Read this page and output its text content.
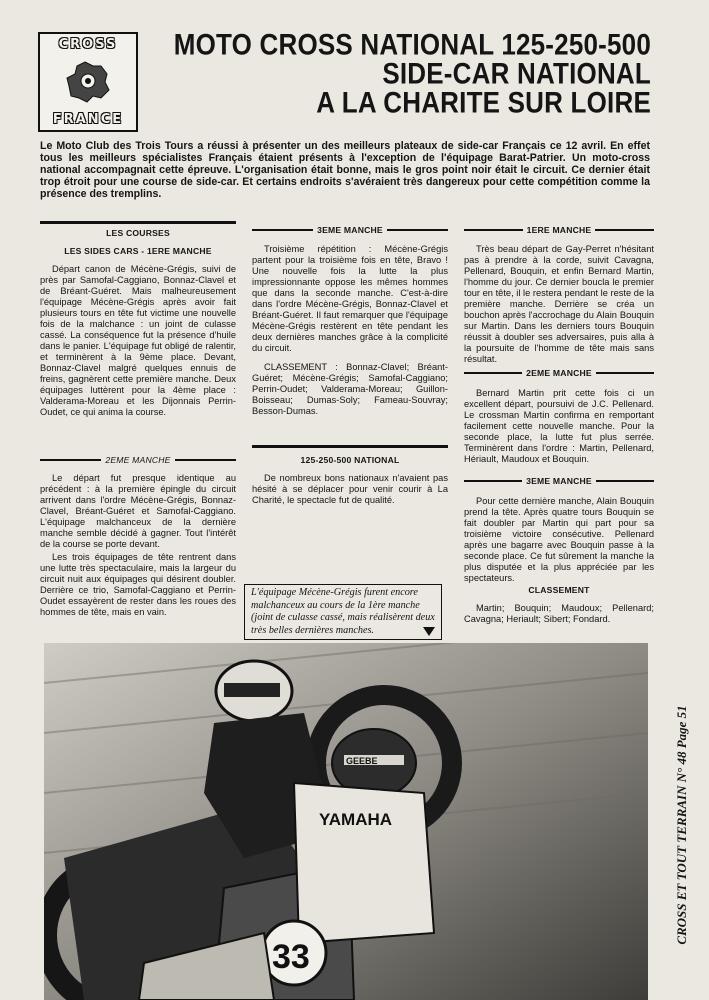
CROSS
FRANCE
MOTO CROSS NATIONAL 125-250-500
SIDE-CAR NATIONAL
A LA CHARITE SUR LOIRE
Le Moto Club des Trois Tours a réussi à présenter un des meilleurs plateaux de side-car Français ce 12 avril. En effet tous les meilleurs spécialistes Français étaient présents à l'exception de l'équipage Barat-Patrier. Un moto-cross national accompagnait cette épreuve. L'organisation était bonne, mais le gros point noir était le circuit. Ce dernier était trop étroit pour une course de side-car. Et certains endroits s'avéraient très dangereux pour cette compétition comme la présence des tremplins.
LES COURSES
LES SIDES CARS - 1ERE MANCHE

Départ canon de Mécène-Grégis, suivi de près par Samofal-Caggiano, Bonnaz-Clavel et de Bréant-Guéret. Mais malheureusement l'équipage Mécène-Grégis après avoir fait plusieurs tours en tête fut victime une nouvelle fois de la malchance : un joint de culasse cassé. La conséquence fut la présence d'huile dans le panier. L'équipage fut obligé de ralentir, et terminèrent à la 9ème place. Devant, Bonnaz-Clavel malgré quelques ennuis de freins, gagnèrent cette première manche. Deux équipages luttèrent pour la 4ème place : Valderama-Moreau et les Dijonnais Perrin-Oudet, ce qui anima la course.

2EME MANCHE

Le départ fut presque identique au précédent : à la première épingle du circuit arrivent dans l'ordre Mécène-Grégis, Bonnaz-Clavel, Bréant-Guéret et Samofal-Caggiano. L'équipage malchanceux de la dernière manche semble décidé à gagner. Tout l'intérêt de la course se porte devant.

Les trois équipages de tête rentrent dans une lutte très spectaculaire, mais la largeur du circuit nuit aux équipages qui désirent doubler. Derrière ce trio, Samofal-Caggiano et Perrin-Oudet essayèrent de rester dans les roues des hommes de tête, mais en vain.

3EME MANCHE

Troisième répétition : Mécène-Grégis partent pour la troisième fois en tête, Bravo ! Une nouvelle fois la lutte la plus impressionnante oppose les mêmes hommes que dans la seconde manche. C'est-à-dire dans l'ordre Mécène-Grégis, Bonnaz-Clavel et Bréant-Guéret. Il faut remarquer que l'équipage Mécène-Grégis restèrent en tête pendant les deux dernières manches grâce à la complicité du circuit.

CLASSEMENT : Bonnaz-Clavel; Bréant-Guéret; Mécène-Grégis; Samofal-Caggiano; Perrin-Oudet; Valderama-Moreau; Guillon-Boisseau; Dumas-Soly; Fameau-Souvray; Besson-Dumas.

125-250-500 NATIONAL

De nombreux bons nationaux n'avaient pas hésité à se déplacer pour venir courir à La Charité, le spectacle fut de qualité.

L'équipage Mécène-Grégis furent encore malchanceux au cours de la 1ère manche (joint de culasse cassé, mais réalisèrent deux très belles dernières manches.
1ERE MANCHE

Très beau départ de Gay-Perret n'hésitant pas à prendre à la corde, suivit Cavagna, Pellenard, Bouquin, et enfin Bernard Martin, l'homme du jour. Ce dernier boucla le premier tour en tête, il le restera pendant le reste de la première manche. Derrière se créa un bouchon après l'accrochage du Alain Bouquin sur Martin. Dans les derniers tours Bouquin réussit à doubler ses adversaires, puis alla à la poursuite de l'homme de tête mais sans résultat.

2EME MANCHE

Bernard Martin prit cette fois ci un excellent départ, poursuivi de J.C. Pellenard. Le crossman Martin confirma en remportant facilement cette nouvelle manche. Pour la seconde place, la lutte fut plus serrée. Terminèrent dans l'ordre : Martin, Pellenard, Hériault, Maudoux et Bouquin.

3EME MANCHE

Pour cette dernière manche, Alain Bouquin prend la tête. Après quatre tours Bouquin se fait doubler par Martin qui part pour sa troisième victoire consécutive. Pellenard après une bagarre avec Bouquin passe à la seconde place. Ce fut sûrement la manche la plus disputée et la plus appréciée par les spectateurs.

CLASSEMENT

Martin; Bouquin; Maudoux; Pellenard; Cavagna; Heriault; Sibert; Fondard.

GEEBE
YAMAHA
33
CROSS ET TOUT TERRAIN N° 48 Page 51
